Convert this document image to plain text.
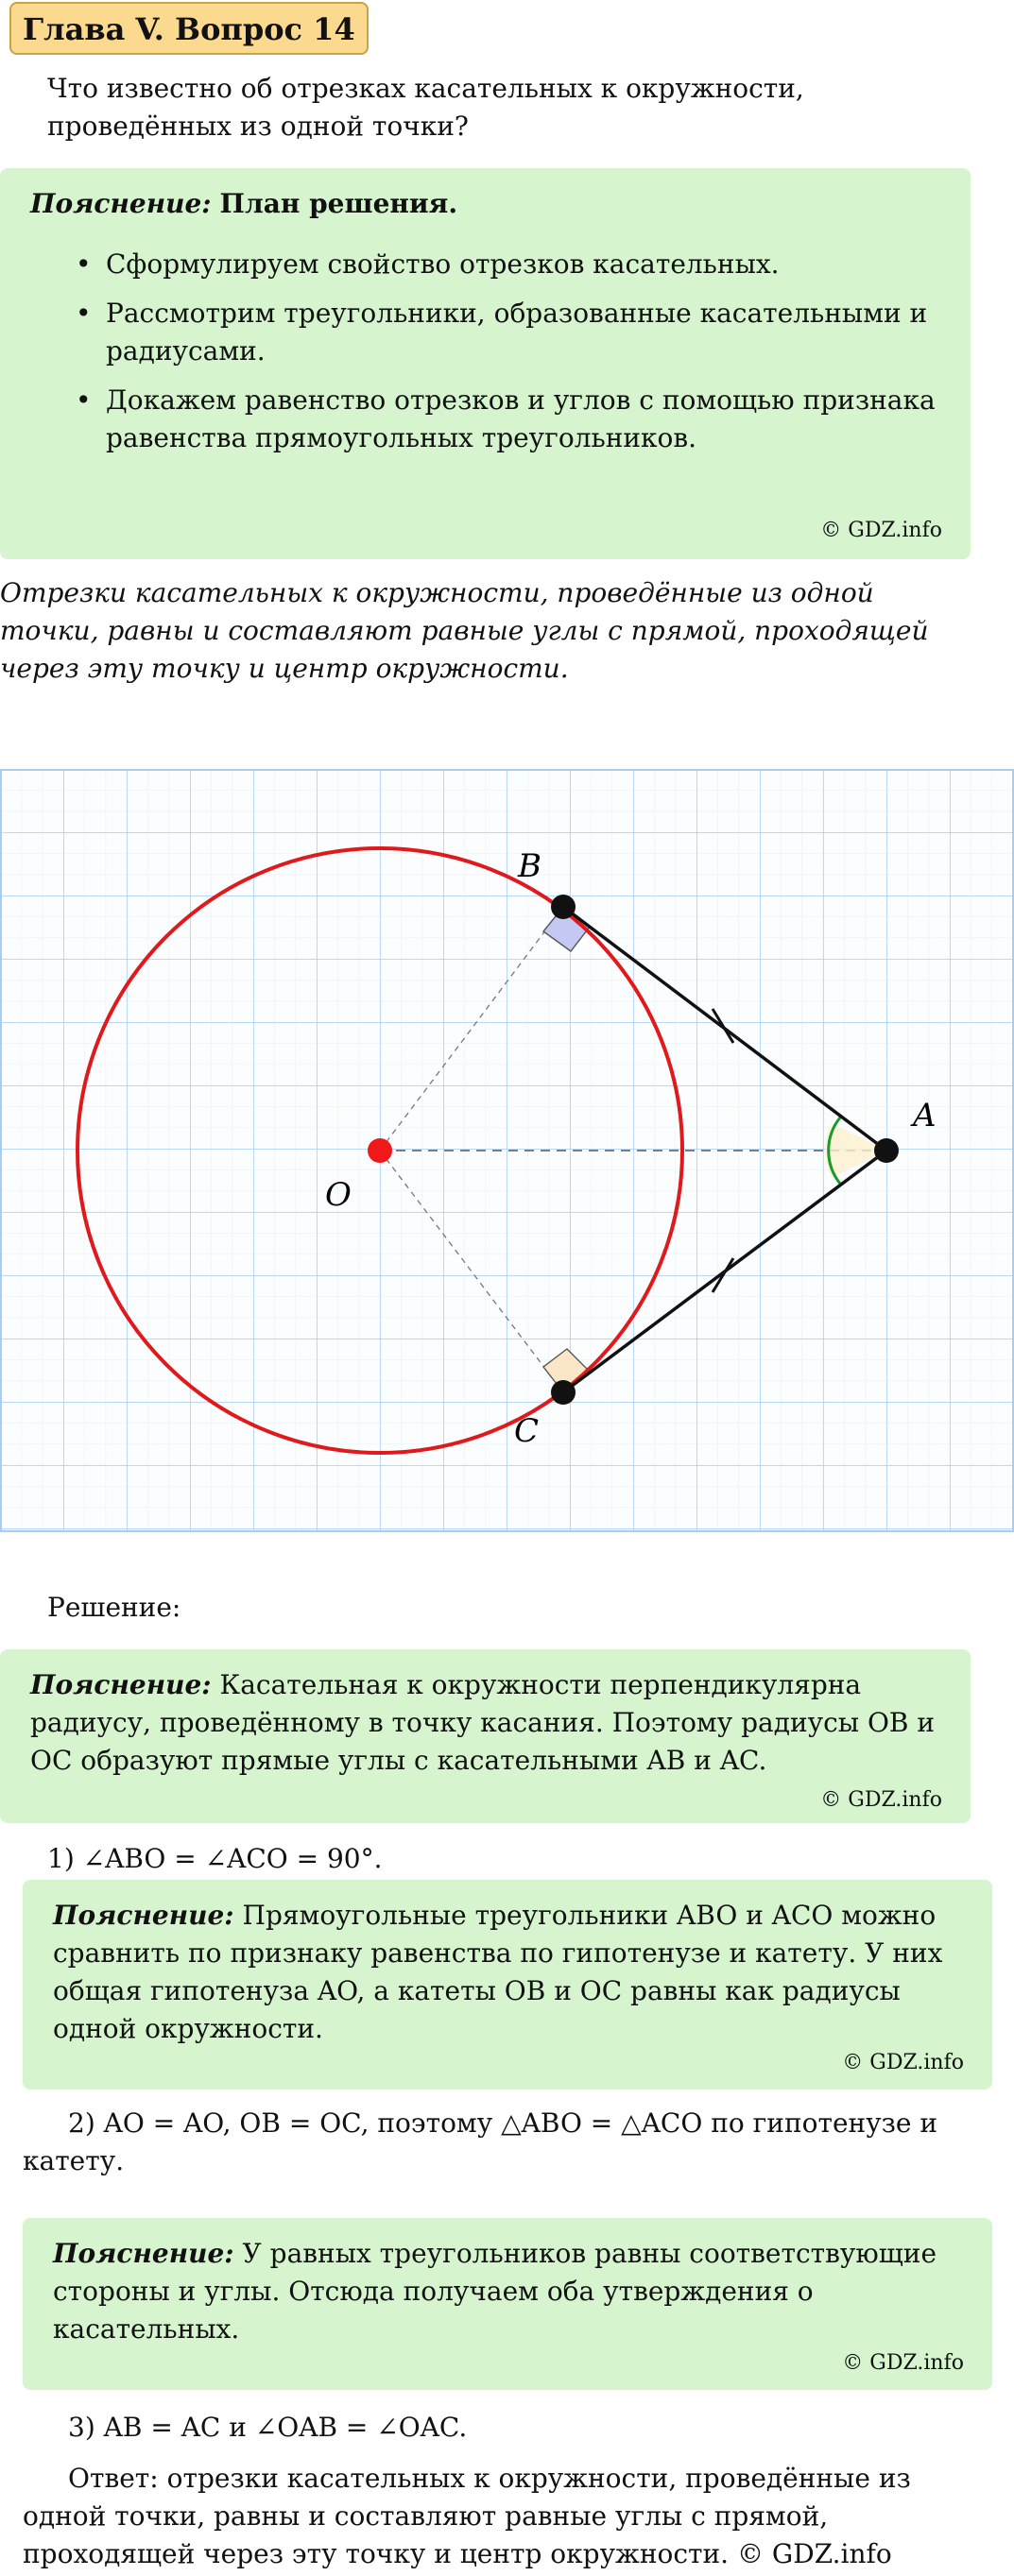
Глава V. Вопрос 14

Что известно об отрезках касательных к окружности, проведённых из одной точки?

Пояснение: План решения.
• Сформулируем свойство отрезков касательных.
• Рассмотрим треугольники, образованные касательными и радиусами.
• Докажем равенство отрезков и углов с помощью признака равенства прямоугольных треугольников.
© GDZ.info
Отрезки касательных к окружности, проведённые из одной точки, равны и составляют равные углы с прямой, проходящей через эту точку и центр окружности.
B
A
O
C
Решение:
Пояснение: Касательная к окружности перпендикулярна радиусу, проведённому в точку касания. Поэтому радиусы OB и OC образуют прямые углы с касательными AB и AC.
© GDZ.info
1) ∠ABO = ∠ACO = 90°.
Пояснение: Прямоугольные треугольники ABO и ACO можно сравнить по признаку равенства по гипотенузе и катету. У них общая гипотенуза AO, а катеты OB и OC равны как радиусы одной окружности.
© GDZ.info
2) AO = AO, OB = OC, поэтому △ABO = △ACO по гипотенузе и катету.
Пояснение: У равных треугольников равны соответствующие стороны и углы. Отсюда получаем оба утверждения о касательных.
© GDZ.info
3) AB = AC и ∠OAB = ∠OAC.
Ответ: отрезки касательных к окружности, проведённые из одной точки, равны и составляют равные углы с прямой, проходящей через эту точку и центр окружности. © GDZ.info
